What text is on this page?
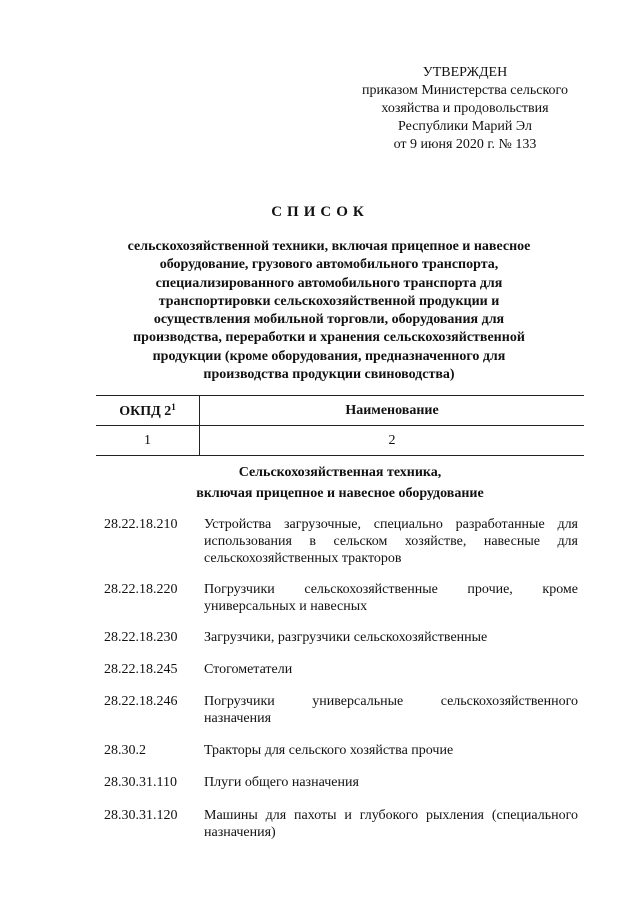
УТВЕРЖДЕН
приказом Министерства сельского
хозяйства и продовольствия
Республики Марий Эл
от 9 июня 2020 г. № 133
СПИСОК
сельскохозяйственной техники, включая прицепное и навесное
оборудование, грузового автомобильного транспорта,
специализированного автомобильного транспорта для
транспортировки сельскохозяйственной продукции и
осуществления мобильной торговли, оборудования для
производства, переработки и хранения сельскохозяйственной
продукции (кроме оборудования, предназначенного для
производства продукции свиноводства)
ОКПД $2^1$	Наименование
1	2
Сельскохозяйственная техника,
включая прицепное и навесное оборудование
28.22.18.210 Устройства загрузочные, специально разработанные для использования в сельском хозяйстве, навесные для сельскохозяйственных тракторов
28.22.18.220 Погрузчики сельскохозяйственные прочие, кроме универсальных и навесных
28.22.18.230 Загрузчики, разгрузчики сельскохозяйственные
28.22.18.245 Стогометатели
28.22.18.246 Погрузчики универсальные сельскохозяйственного назначения
28.30.2	Тракторы для сельского хозяйства прочие
28.30.31.110 Плуги общего назначения
28.30.31.120 Машины для пахоты и глубокого рыхления (специального назначения)
